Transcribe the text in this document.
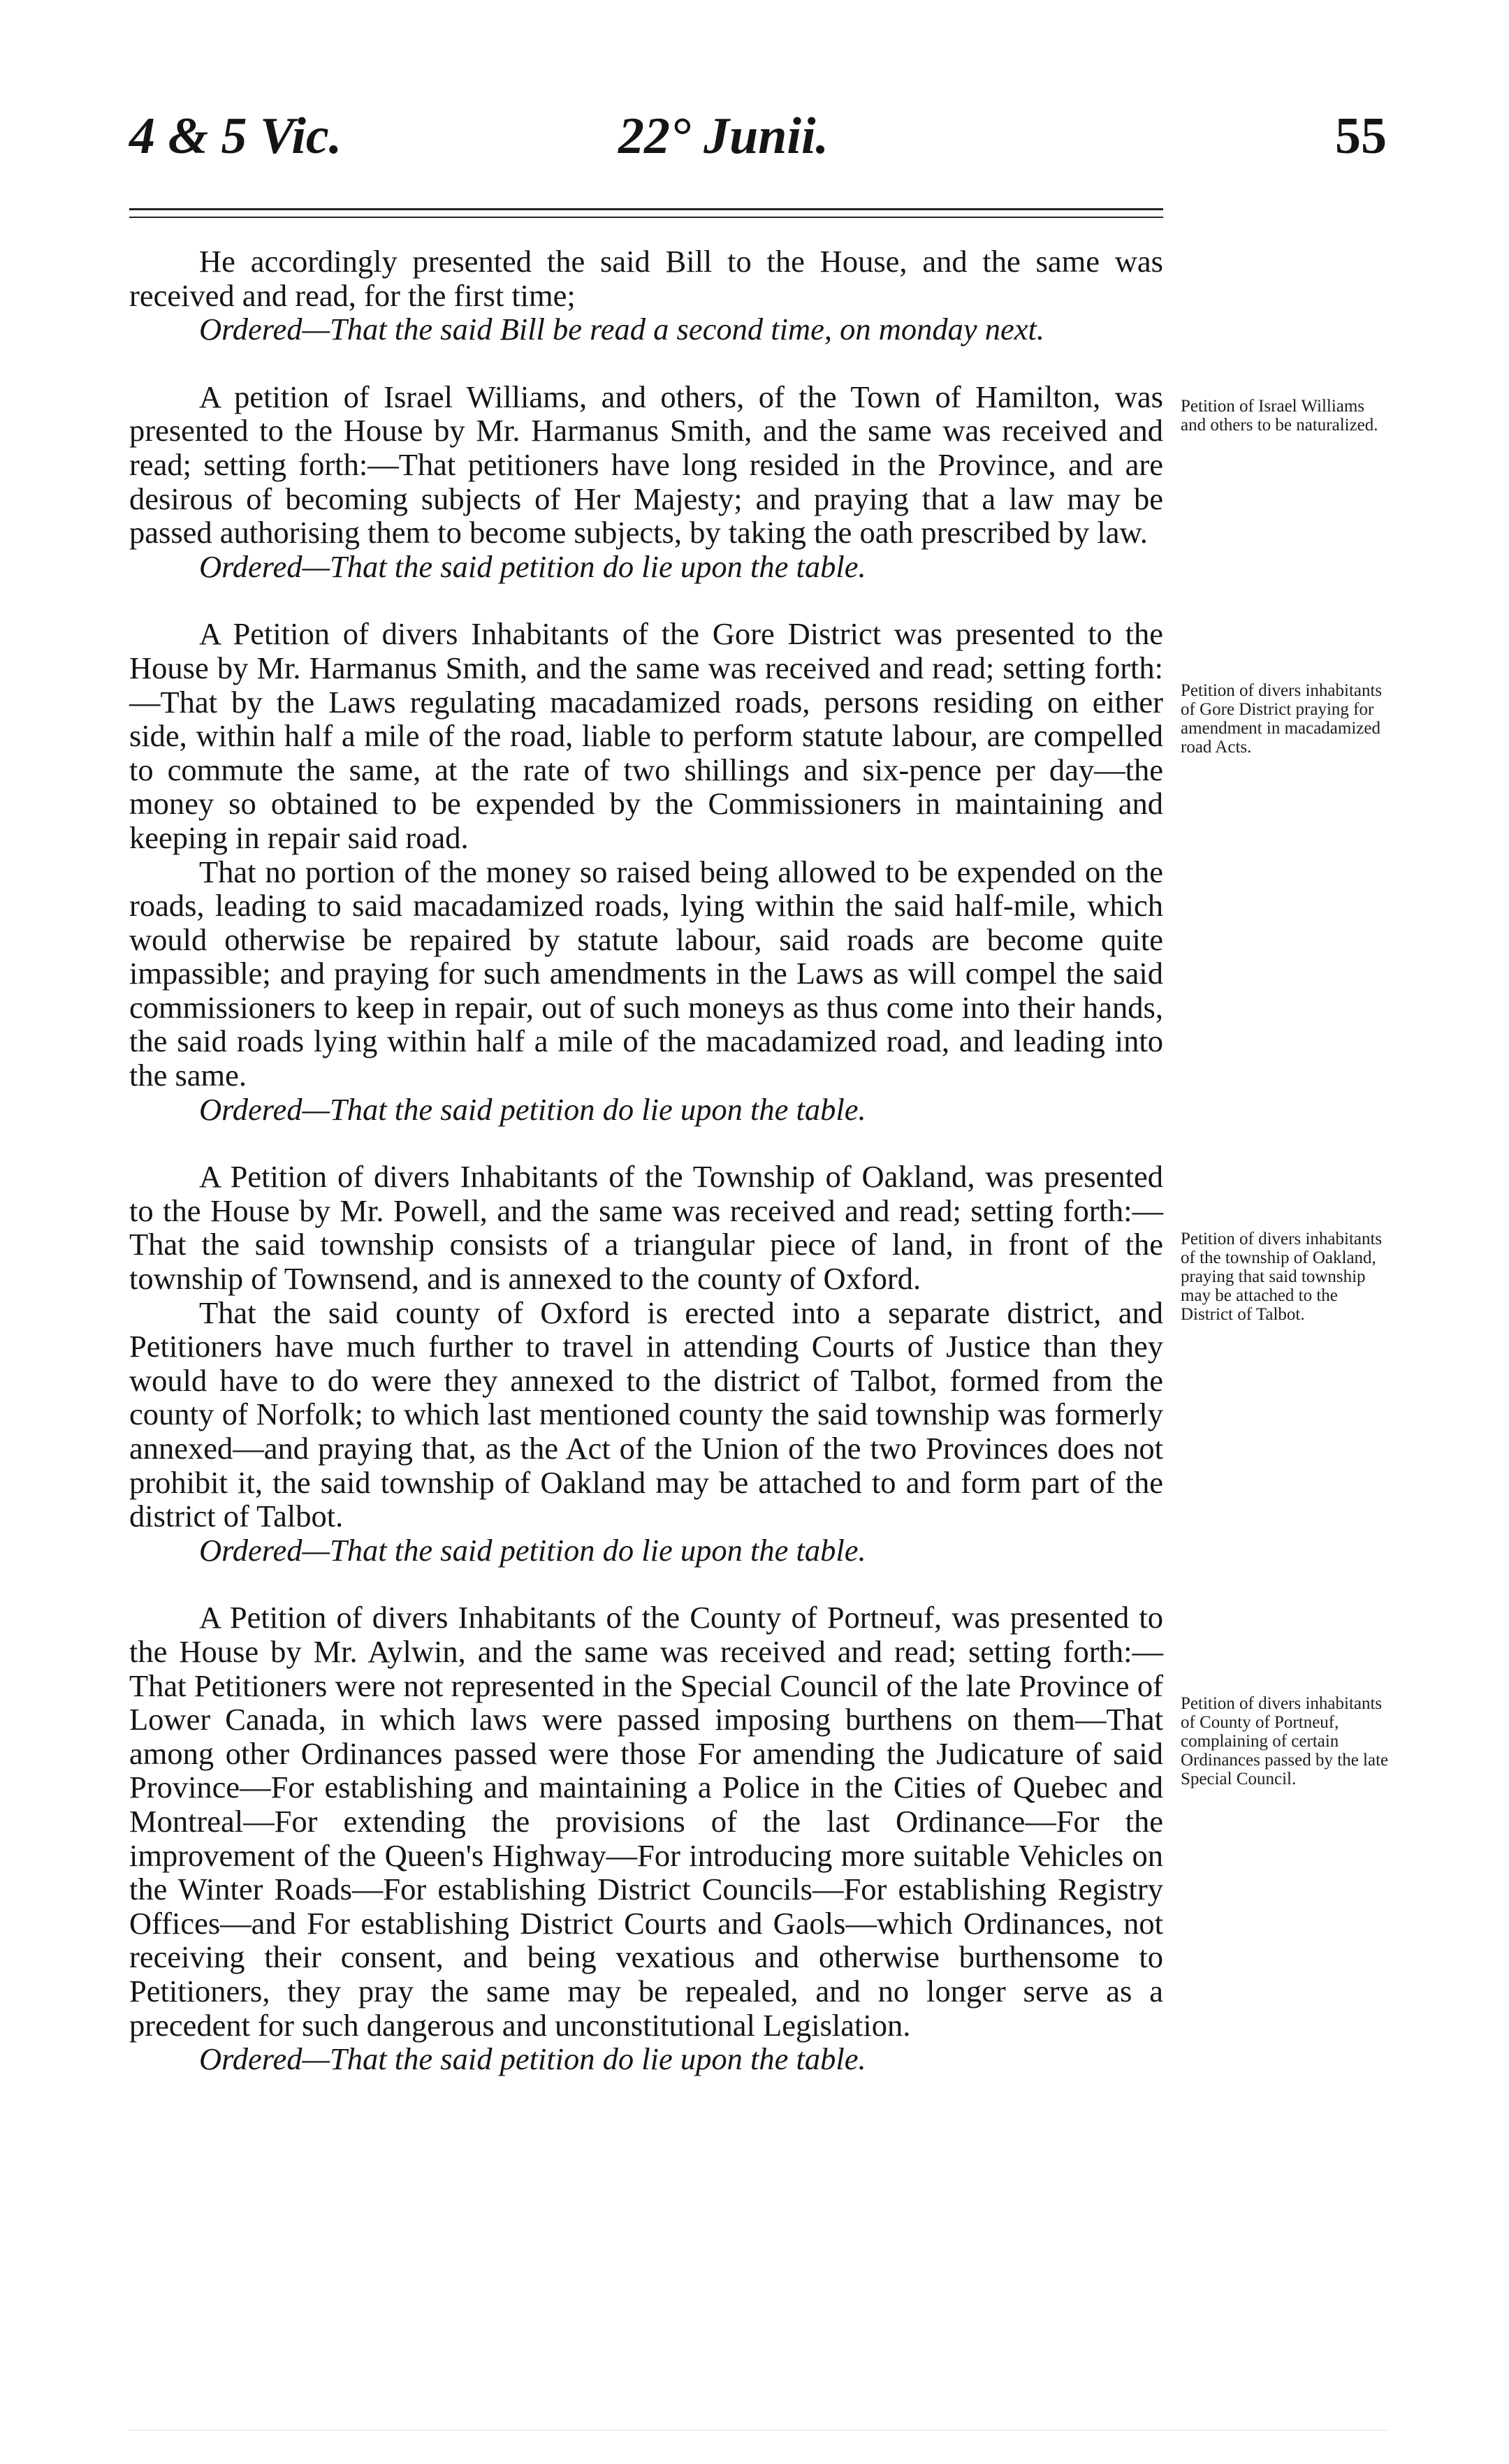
4 & 5 Vic.	22° Junii.	55

He accordingly presented the said Bill to the House, and the same was received and read, for the first time;

Ordered—That the said Bill be read a second time, on monday next.

A petition of Israel Williams, and others, of the Town of Hamilton, was presented to the House by Mr. Harmanus Smith, and the same was received and read; setting forth:—That petitioners have long resided in the Province, and are desirous of becoming subjects of Her Majesty; and praying that a law may be passed authorising them to become subjects, by taking the oath prescribed by law.

Ordered—That the said petition do lie upon the table.

A Petition of divers Inhabitants of the Gore District was presented to the House by Mr. Harmanus Smith, and the same was received and read; setting forth:—That by the Laws regulating macadamized roads, persons residing on either side, within half a mile of the road, liable to perform statute labour, are compelled to commute the same, at the rate of two shillings and six-pence per day—the money so obtained to be expended by the Commissioners in maintaining and keeping in repair said road.

That no portion of the money so raised being allowed to be expended on the roads, leading to said macadamized roads, lying within the said half-mile, which would otherwise be repaired by statute labour, said roads are become quite impassible; and praying for such amendments in the Laws as will compel the said commissioners to keep in repair, out of such moneys as thus come into their hands, the said roads lying within half a mile of the macadamized road, and leading into the same.

Ordered—That the said petition do lie upon the table.

A Petition of divers Inhabitants of the Township of Oakland, was presented to the House by Mr. Powell, and the same was received and read; setting forth:—That the said township consists of a triangular piece of land, in front of the township of Townsend, and is annexed to the county of Oxford.

That the said county of Oxford is erected into a separate district, and Petitioners have much further to travel in attending Courts of Justice than they would have to do were they annexed to the district of Talbot, formed from the county of Norfolk; to which last mentioned county the said township was formerly annexed—and praying that, as the Act of the Union of the two Provinces does not prohibit it, the said township of Oakland may be attached to and form part of the district of Talbot.

Ordered—That the said petition do lie upon the table.

A Petition of divers Inhabitants of the County of Portneuf, was presented to the House by Mr. Aylwin, and the same was received and read; setting forth:—That Petitioners were not represented in the Special Council of the late Province of Lower Canada, in which laws were passed imposing burthens on them—That among other Ordinances passed were those For amending the Judicature of said Province—For establishing and maintaining a Police in the Cities of Quebec and Montreal—For extending the provisions of the last Ordinance—For the improvement of the Queen's Highway—For introducing more suitable Vehicles on the Winter Roads—For establishing District Councils—For establishing Registry Offices—and For establishing District Courts and Gaols—which Ordinances, not receiving their consent, and being vexatious and otherwise burthensome to Petitioners, they pray the same may be repealed, and no longer serve as a precedent for such dangerous and unconstitutional Legislation.

Ordered—That the said petition do lie upon the table.

Petition of Israel Williams and others to be naturalized.
Petition of divers inhabitants of Gore District praying for amendment in macadamized road Acts.
Petition of divers inhabitants of the township of Oakland, praying that said township may be attached to the District of Talbot.
Petition of divers inhabitants of County of Portneuf, complaining of certain Ordinances passed by the late Special Council.
